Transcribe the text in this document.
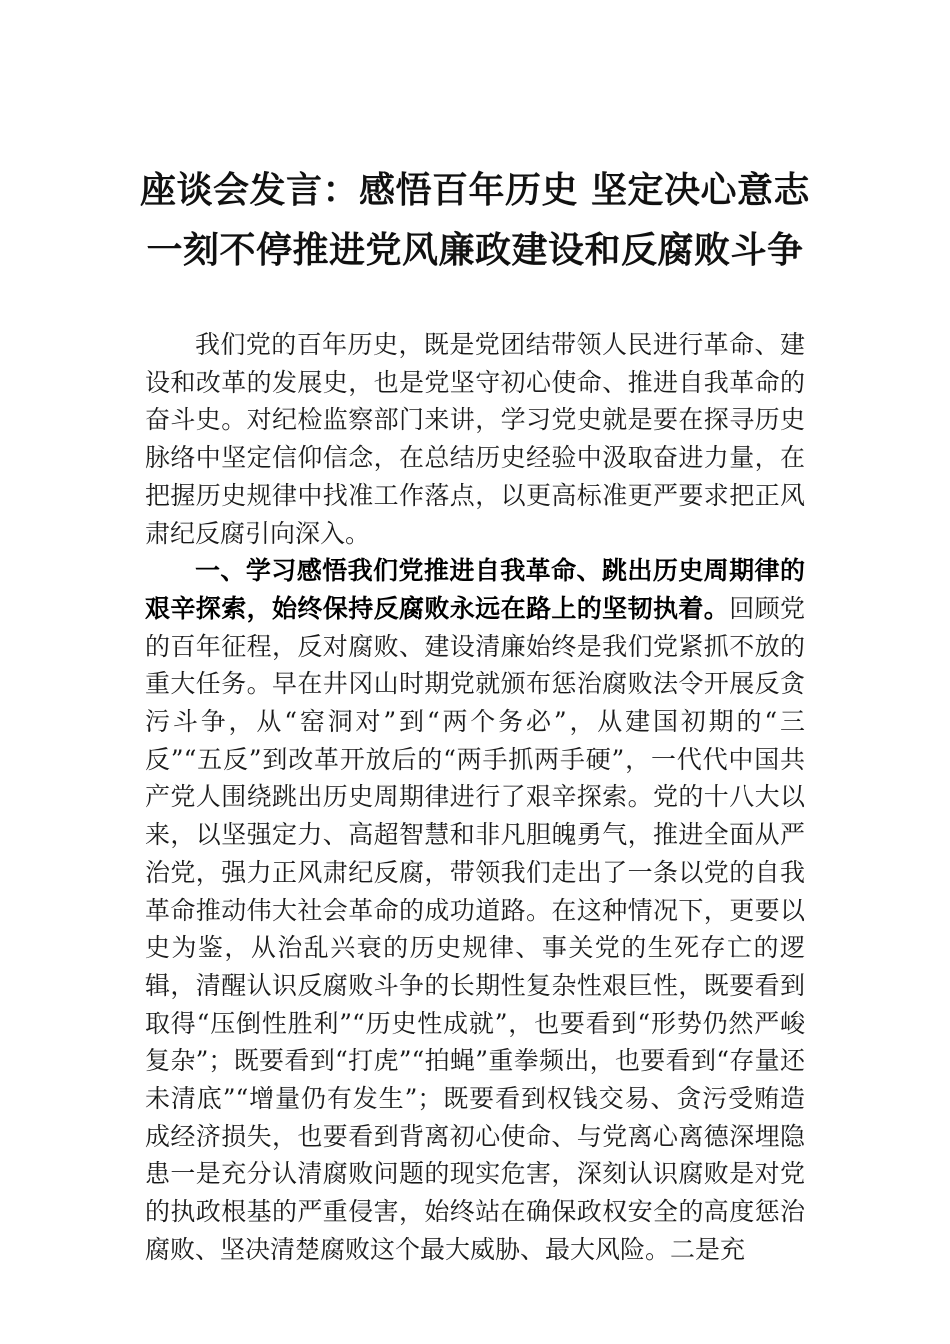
座谈会发言：感悟百年历史 坚定决心意志
一刻不停推进党风廉政建设和反腐败斗争

我们党的百年历史，既是党团结带领人民进行革命、建设和改革的发展史，也是党坚守初心使命、推进自我革命的奋斗史。对纪检监察部门来讲，学习党史就是要在探寻历史脉络中坚定信仰信念，在总结历史经验中汲取奋进力量，在把握历史规律中找准工作落点，以更高标准更严要求把正风肃纪反腐引向深入。

一、学习感悟我们党推进自我革命、跳出历史周期律的艰辛探索，始终保持反腐败永远在路上的坚韧执着。回顾党的百年征程，反对腐败、建设清廉始终是我们党紧抓不放的重大任务。早在井冈山时期党就颁布惩治腐败法令开展反贪污斗争，从“窑洞对”到“两个务必”，从建国初期的“三反”“五反”到改革开放后的“两手抓两手硬”，一代代中国共产党人围绕跳出历史周期律进行了艰辛探索。党的十八大以来，以坚强定力、高超智慧和非凡胆魄勇气，推进全面从严治党，强力正风肃纪反腐，带领我们走出了一条以党的自我革命推动伟大社会革命的成功道路。在这种情况下，更要以史为鉴，从治乱兴衰的历史规律、事关党的生死存亡的逻辑，清醒认识反腐败斗争的长期性复杂性艰巨性，既要看到取得“压倒性胜利”“历史性成就”，也要看到“形势仍然严峻复杂”；既要看到“打虎”“拍蝇”重拳频出，也要看到“存量还未清底”“增量仍有发生”；既要看到权钱交易、贪污受贿造成经济损失，也要看到背离初心使命、与党离心离德深埋隐患一是充分认清腐败问题的现实危害，深刻认识腐败是对党的执政根基的严重侵害，始终站在确保政权安全的高度惩治腐败、坚决清楚腐败这个最大威胁、最大风险。二是充
